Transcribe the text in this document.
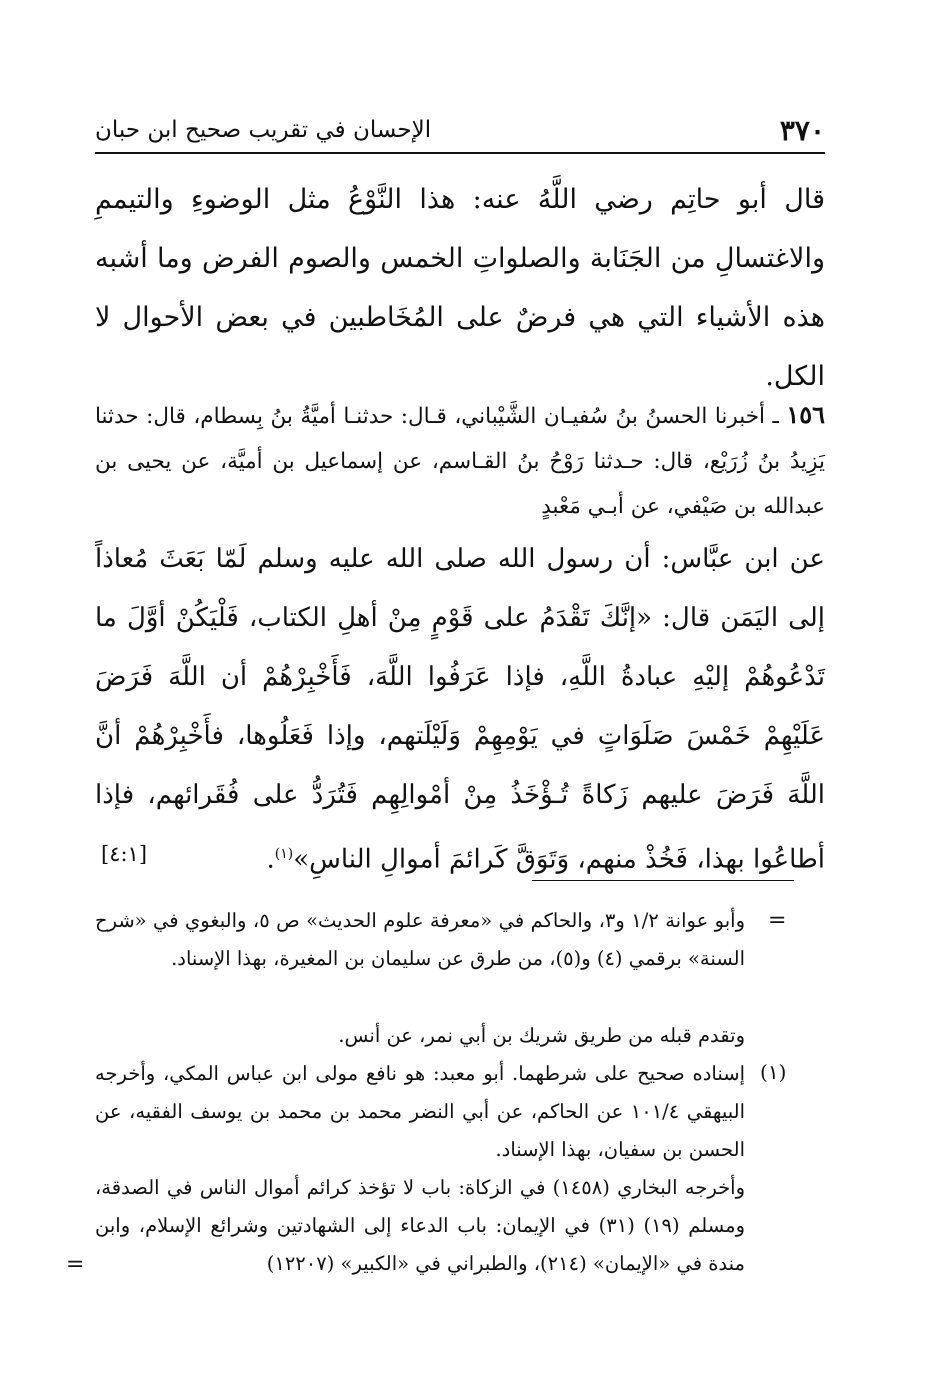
الإحسان في تقريب صحيح ابن حبان	٣٧٠
قال أبو حاتِم رضي اللَّهُ عنه: هذا النَّوْعُ مثل الوضوءِ والتيممِ والاغتسالِ من الجَنَابة والصلواتِ الخمس والصوم الفرض وما أشبه هذه الأشياء التي هي فرضٌ على المُخَاطبين في بعض الأحوال لا الكل.
١٥٦ ـ أخبرنا الحسنُ بنُ سُفيـان الشَّيْباني، قـال: حدثنـا أميَّةُ بنُ بِسطام، قال: حدثنا يَزِيدُ بنُ زُرَيْع، قال: حـدثنا رَوْحُ بنُ القـاسم، عن إسماعيل بن أميَّة، عن يحيى بن عبدالله بن صَيْفي، عن أبـي مَعْبدٍ
عن ابن عبَّاس: أن رسول الله صلى الله عليه وسلم لَمّا بَعَثَ مُعاذاً إلى اليَمَن قال: «إنَّكَ تَقْدَمُ على قَوْمٍ مِنْ أهلِ الكتاب، فَلْيَكُنْ أوَّلَ ما تَدْعُوهُمْ إليْهِ عبادةُ اللَّهِ، فإذا عَرَفُوا اللَّهَ، فَأَخْبِرْهُمْ أن اللَّهَ فَرَضَ عَلَيْهِمْ خَمْسَ صَلَوَاتٍ في يَوْمِهِمْ وَلَيْلَتهم، وإذا فَعَلُوها، فأَخْبِرْهُمْ أنَّ اللَّهَ فَرَضَ عليهم زَكاةً تُـؤْخَذُ مِنْ أمْوالِهِم فَتُرَدُّ على فُقَرائهم، فإذا أطاعُوا بهذا، فَخُذْ منهم، وَتَوَقَّ كَرائمَ أموالِ الناسِ»$^{(١)}$.
[٤:١]
=
وأبو عوانة ١/٢ و٣، والحاكم في «معرفة علوم الحديث» ص ٥، والبغوي في «شرح السنة» برقمي (٤) و(٥)، من طرق عن سليمان بن المغيرة، بهذا الإسناد.
وتقدم قبله من طريق شريك بن أبي نمر، عن أنس.
(١)
إسناده صحيح على شرطهما. أبو معبد: هو نافع مولى ابن عباس المكي، وأخرجه البيهقي ١٠١/٤ عن الحاكم، عن أبي النضر محمد بن محمد بن يوسف الفقيه، عن الحسن بن سفيان، بهذا الإسناد.
وأخرجه البخاري (١٤٥٨) في الزكاة: باب لا تؤخذ كرائم أموال الناس في الصدقة، ومسلم (١٩) (٣١) في الإيمان: باب الدعاء إلى الشهادتين وشرائع الإسلام، وابن مندة في «الإيمان» (٢١٤)، والطبراني في «الكبير» (١٢٢٠٧)
=
